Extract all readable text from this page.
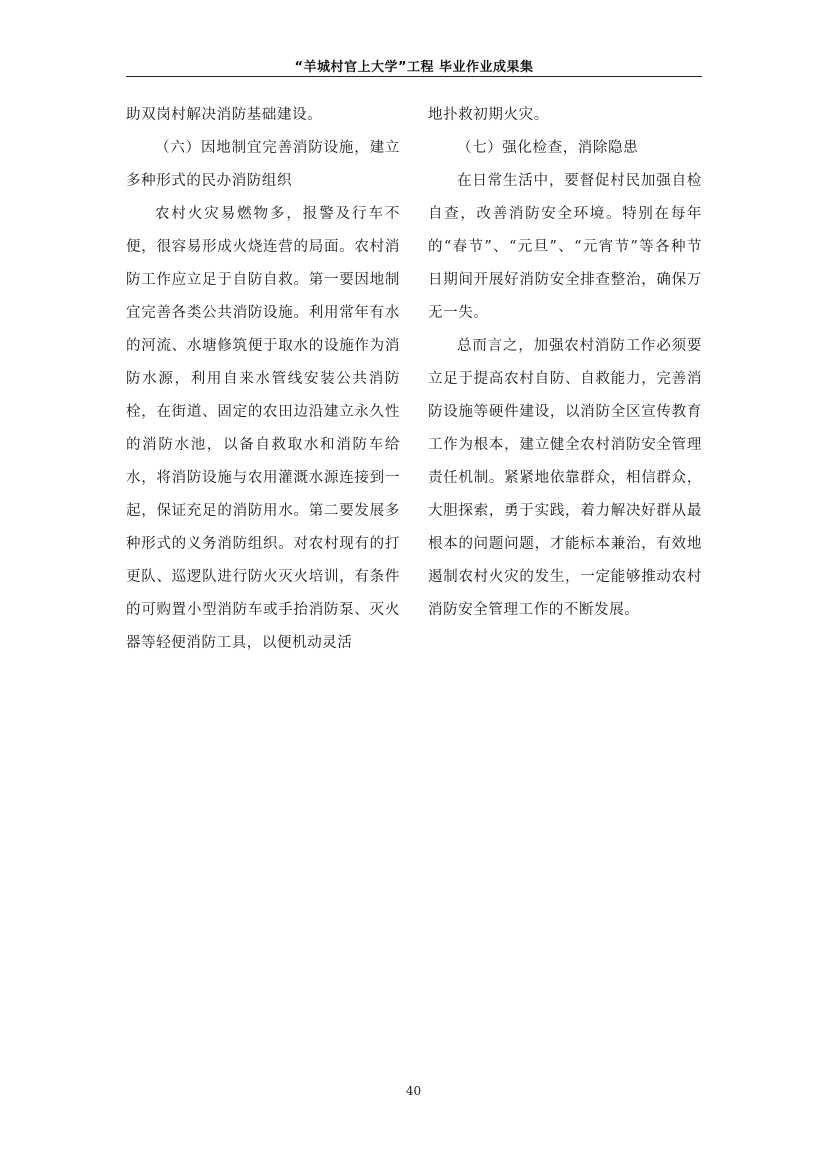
“羊城村官上大学”工程 毕业作业成果集

助双岗村解决消防基础建设。

（六）因地制宜完善消防设施，建立多种形式的民办消防组织

农村火灾易燃物多，报警及行车不便，很容易形成火烧连营的局面。农村消防工作应立足于自防自救。第一要因地制宜完善各类公共消防设施。利用常年有水的河流、水塘修筑便于取水的设施作为消防水源，利用自来水管线安装公共消防栓，在街道、固定的农田边沿建立永久性的消防水池，以备自救取水和消防车给水，将消防设施与农用灌溉水源连接到一起，保证充足的消防用水。第二要发展多种形式的义务消防组织。对农村现有的打更队、巡逻队进行防火灭火培训，有条件的可购置小型消防车或手抬消防泵、灭火器等轻便消防工具，以便机动灵活

地扑救初期火灾。

（七）强化检查，消除隐患

在日常生活中，要督促村民加强自检自查，改善消防安全环境。特别在每年的“春节”、“元旦”、“元宵节”等各种节日期间开展好消防安全排查整治，确保万无一失。

总而言之，加强农村消防工作必须要立足于提高农村自防、自救能力，完善消防设施等硬件建设，以消防全区宣传教育工作为根本，建立健全农村消防安全管理责任机制。紧紧地依靠群众，相信群众，大胆探索，勇于实践，着力解决好群从最根本的问题问题，才能标本兼治，有效地遏制农村火灾的发生，一定能够推动农村消防安全管理工作的不断发展。

40
